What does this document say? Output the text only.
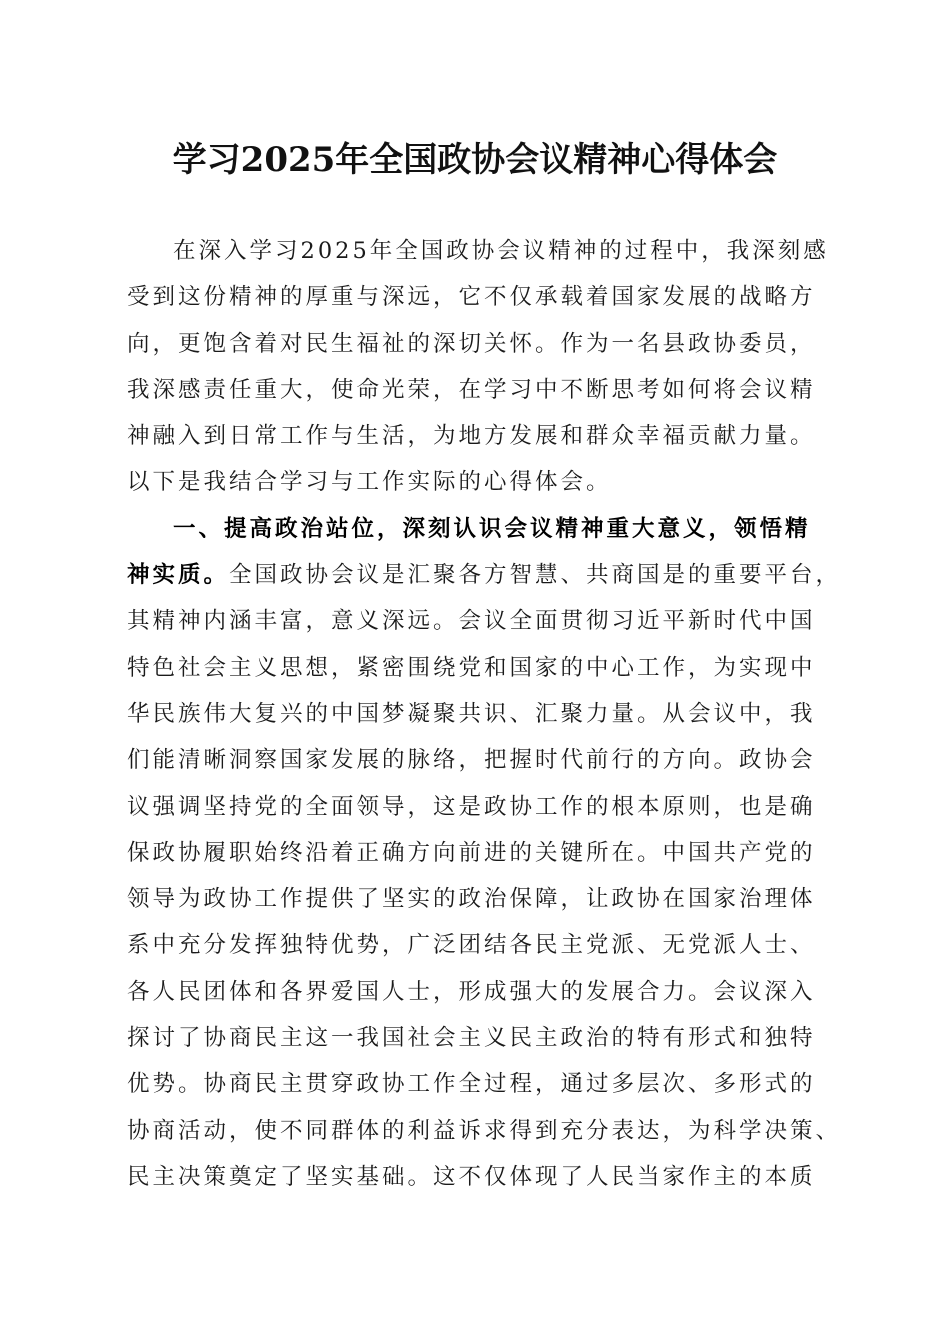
学习2025年全国政协会议精神心得体会
在深入学习2025年全国政协会议精神的过程中，我深刻感
受到这份精神的厚重与深远，它不仅承载着国家发展的战略方
向，更饱含着对民生福祉的深切关怀。作为一名县政协委员，
我深感责任重大，使命光荣，在学习中不断思考如何将会议精
神融入到日常工作与生活，为地方发展和群众幸福贡献力量。
以下是我结合学习与工作实际的心得体会。
一、提高政治站位，深刻认识会议精神重大意义，领悟精
神实质。全国政协会议是汇聚各方智慧、共商国是的重要平台，
其精神内涵丰富，意义深远。会议全面贯彻习近平新时代中国
特色社会主义思想，紧密围绕党和国家的中心工作，为实现中
华民族伟大复兴的中国梦凝聚共识、汇聚力量。从会议中，我
们能清晰洞察国家发展的脉络，把握时代前行的方向。政协会
议强调坚持党的全面领导，这是政协工作的根本原则，也是确
保政协履职始终沿着正确方向前进的关键所在。中国共产党的
领导为政协工作提供了坚实的政治保障，让政协在国家治理体
系中充分发挥独特优势，广泛团结各民主党派、无党派人士、
各人民团体和各界爱国人士，形成强大的发展合力。会议深入
探讨了协商民主这一我国社会主义民主政治的特有形式和独特
优势。协商民主贯穿政协工作全过程，通过多层次、多形式的
协商活动，使不同群体的利益诉求得到充分表达，为科学决策、
民主决策奠定了坚实基础。这不仅体现了人民当家作主的本质
